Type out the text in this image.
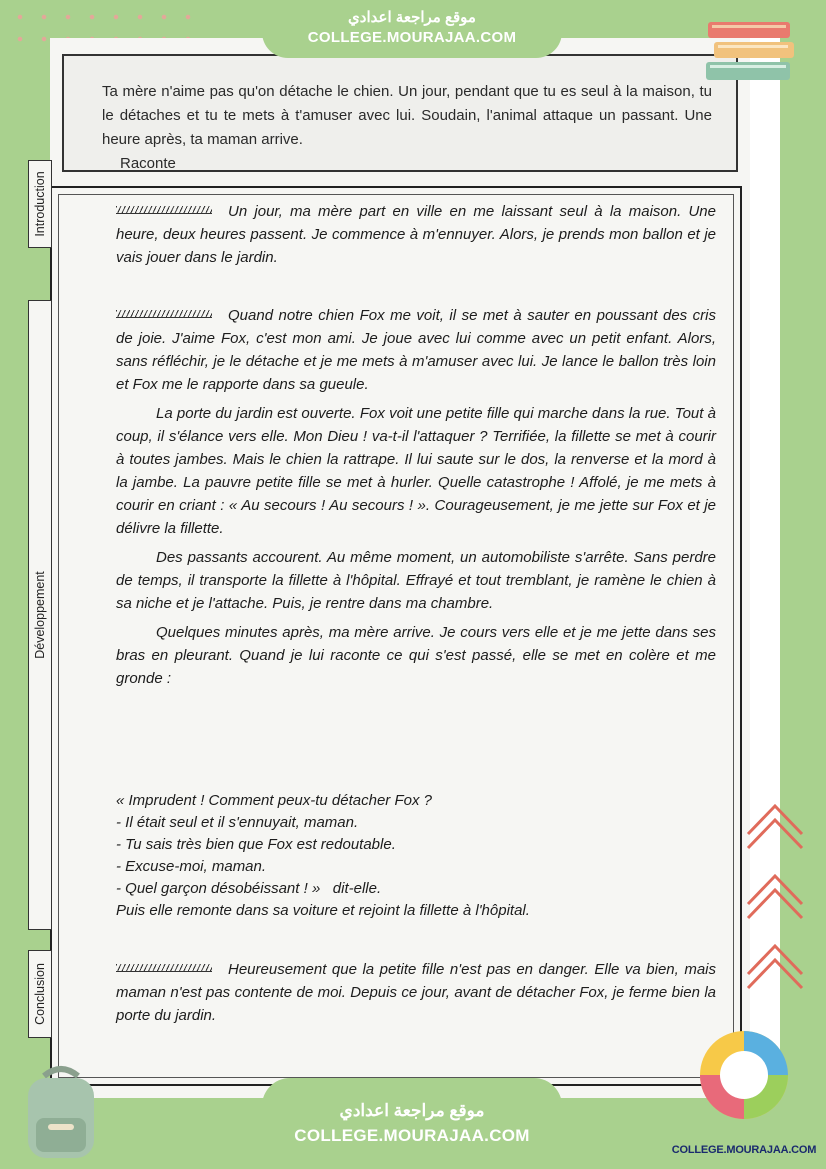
Ta mère n'aime pas qu'on détache le chien. Un jour, pendant que tu es seul à la maison, tu le détaches et tu te mets à t'amuser avec lui. Soudain, l'animal attaque un passant. Une heure après, ta maman arrive.
Raconte
Introduction
Développement
Conclusion

Un jour, ma mère part en ville en me laissant seul à la maison. Une heure, deux heures passent. Je commence à m'ennuyer. Alors, je prends mon ballon et je vais jouer dans le jardin.

Quand notre chien Fox me voit, il se met à sauter en poussant des cris de joie. J'aime Fox, c'est mon ami. Je joue avec lui comme avec un petit enfant. Alors, sans réfléchir, je le détache et je me mets à m'amuser avec lui. Je lance le ballon très loin et Fox me le rapporte dans sa gueule.

La porte du jardin est ouverte. Fox voit une petite fille qui marche dans la rue. Tout à coup, il s'élance vers elle. Mon Dieu ! va-t-il l'attaquer ? Terrifiée, la fillette se met à courir à toutes jambes. Mais le chien la rattrape. Il lui saute sur le dos, la renverse et la mord à la jambe. La pauvre petite fille se met à hurler. Quelle catastrophe ! Affolé, je me mets à courir en criant : « Au secours ! Au secours ! ». Courageusement, je me jette sur Fox et je délivre la fillette.

Des passants accourent. Au même moment, un automobiliste s'arrête. Sans perdre de temps, il transporte la fillette à l'hôpital. Effrayé et tout tremblant, je ramène le chien à sa niche et je l'attache. Puis, je rentre dans ma chambre.

Quelques minutes après, ma mère arrive. Je cours vers elle et je me jette dans ses bras en pleurant. Quand je lui raconte ce qui s'est passé, elle se met en colère et me gronde :

« Imprudent ! Comment peux-tu détacher Fox ?

- Il était seul et il s'ennuyait, maman.

- Tu sais très bien que Fox est redoutable.

- Excuse-moi, maman.

- Quel garçon désobéissant ! »   dit-elle.

Puis elle remonte dans sa voiture et rejoint la fillette à l'hôpital.

Heureusement que la petite fille n'est pas en danger. Elle va bien, mais maman n'est pas contente de moi. Depuis ce jour, avant de détacher Fox, je ferme bien la porte du jardin.

موقع مراجعة اعدادي
COLLEGE.MOURAJAA.COM
موقع مراجعة اعدادي
COLLEGE.MOURAJAA.COM
COLLEGE.MOURAJAA.COM
